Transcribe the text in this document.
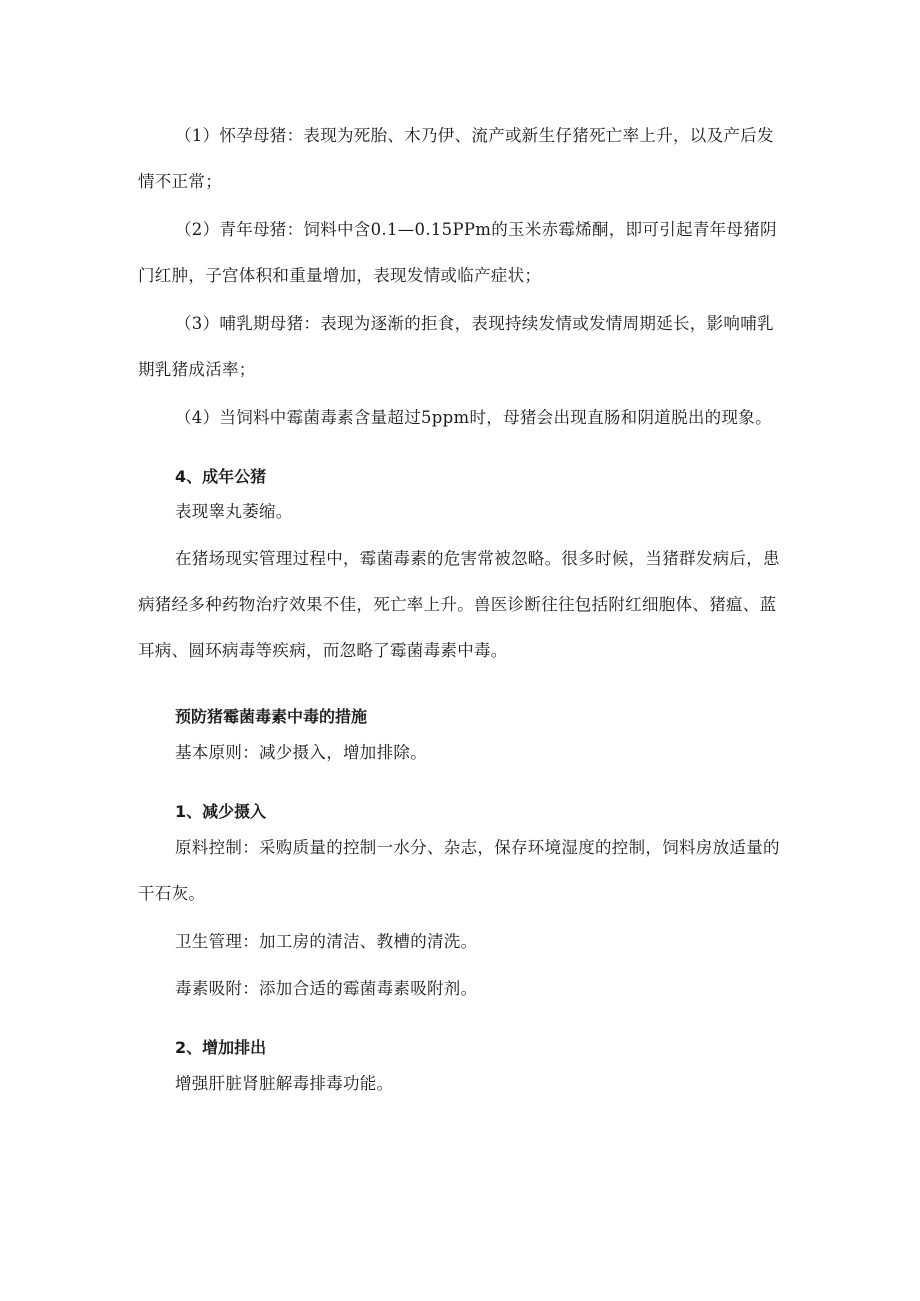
（1）怀孕母猪：表现为死胎、木乃伊、流产或新生仔猪死亡率上升，以及产后发情不正常；

（2）青年母猪：饲料中含0.1—0.15PPm的玉米赤霉烯酮，即可引起青年母猪阴门红肿，子宫体积和重量增加，表现发情或临产症状；

（3）哺乳期母猪：表现为逐渐的拒食，表现持续发情或发情周期延长，影响哺乳期乳猪成活率；

（4）当饲料中霉菌毒素含量超过5ppm时，母猪会出现直肠和阴道脱出的现象。

4、成年公猪

表现睾丸萎缩。

在猪场现实管理过程中，霉菌毒素的危害常被忽略。很多时候，当猪群发病后，患病猪经多种药物治疗效果不佳，死亡率上升。兽医诊断往往包括附红细胞体、猪瘟、蓝耳病、圆环病毒等疾病，而忽略了霉菌毒素中毒。

预防猪霉菌毒素中毒的措施

基本原则：减少摄入，增加排除。

1、减少摄入

原料控制：采购质量的控制一水分、杂志，保存环境湿度的控制，饲料房放适量的干石灰。

卫生管理：加工房的清洁、教槽的清洗。

毒素吸附：添加合适的霉菌毒素吸附剂。

2、增加排出

增强肝脏肾脏解毒排毒功能。
